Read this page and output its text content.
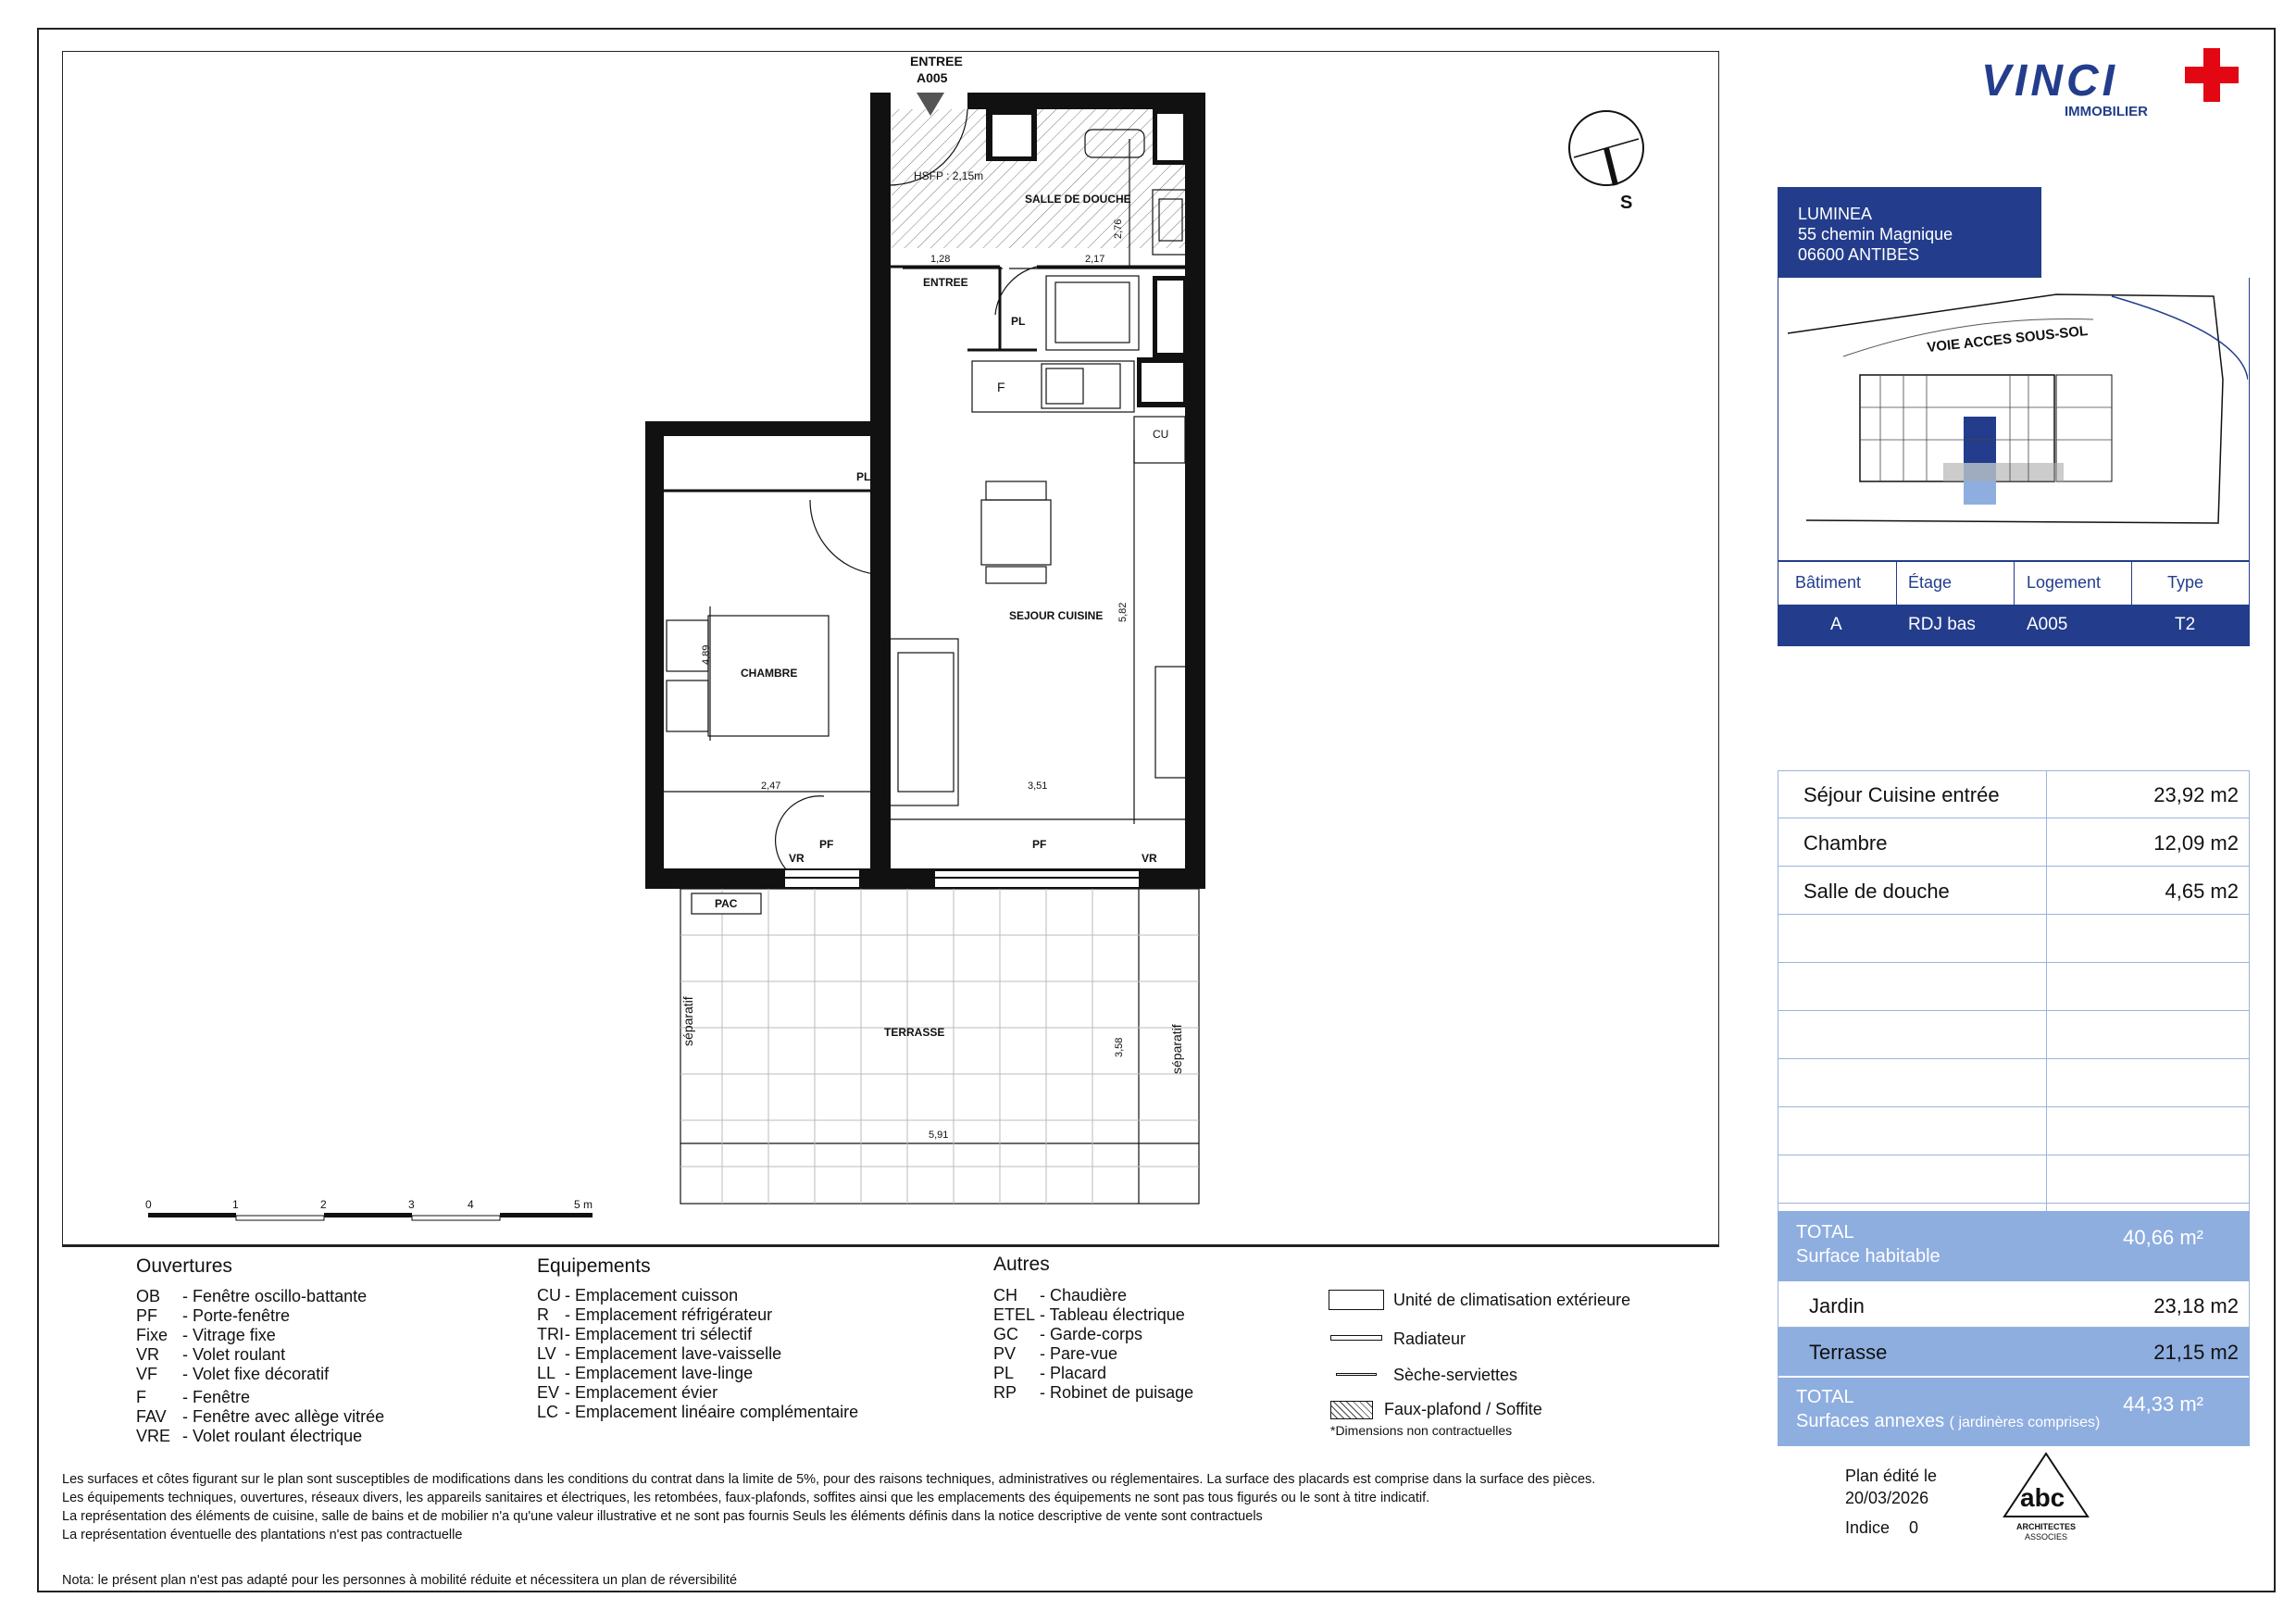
ENTREE
A005
HSFP : 2,15m
SALLE DE DOUCHE
ENTREE
SEJOUR CUISINE
CHAMBRE
TERRASSE
PL
PL
F
CU
PF	PF
VR	VR
PAC
séparatif
séparatif
1,28	2,17
2,76
4,89
5,82
2,47	3,51
3,58
5,91
S
0	1	2	3	4	5 m
VINCI
IMMOBILIER
LUMINEA
55 chemin Magnique
06600 ANTIBES
VOIE ACCES SOUS-SOL
Bâtiment	Étage	Logement	Type
A	RDJ bas	A005	T2
Séjour Cuisine entrée	23,92 m2
Chambre	12,09 m2
Salle de douche	4,65 m2
TOTAL
Surface habitable
40,66 m²
Jardin	23,18 m2
Terrasse	21,15 m2
TOTAL
Surfaces annexes ( jardinères comprises)
44,33 m²
Ouvertures
OB - Fenêtre oscillo-battante
PF - Porte-fenêtre
Fixe - Vitrage fixe
VR - Volet roulant
VF - Volet fixe décoratif
F - Fenêtre
FAV - Fenêtre avec allège vitrée
VRE - Volet roulant électrique
Equipements
CU - Emplacement cuisson
R - Emplacement réfrigérateur
TRI- Emplacement tri sélectif
LV - Emplacement lave-vaisselle
LL - Emplacement lave-linge
EV - Emplacement évier
LC - Emplacement linéaire complémentaire
Autres
CH - Chaudière
ETEL - Tableau électrique
GC - Garde-corps
PV - Pare-vue
PL - Placard
RP - Robinet de puisage
Unité de climatisation extérieure
Radiateur
Sèche-serviettes
Faux-plafond / Soffite
*Dimensions non contractuelles
Les surfaces et côtes figurant sur le plan sont susceptibles de modifications dans les conditions du contrat dans la limite de 5%, pour des raisons techniques, administratives ou réglementaires. La surface des placards est comprise dans la surface des pièces.
Les équipements techniques, ouvertures, réseaux divers, les appareils sanitaires et électriques, les retombées, faux-plafonds, soffites ainsi que les emplacements des équipements ne sont pas tous figurés ou le sont à titre indicatif.
La représentation des éléments de cuisine, salle de bains et de mobilier n'a qu'une valeur illustrative et ne sont pas fournis Seuls les éléments définis dans la notice descriptive de vente sont contractuels
La représentation éventuelle des plantations n'est pas contractuelle
Plan édité le
20/03/2026
Indice 0
abc
ARCHITECTES
ASSOCIES
Nota: le présent plan n'est pas adapté pour les personnes à mobilité réduite et nécessitera un plan de réversibilité
